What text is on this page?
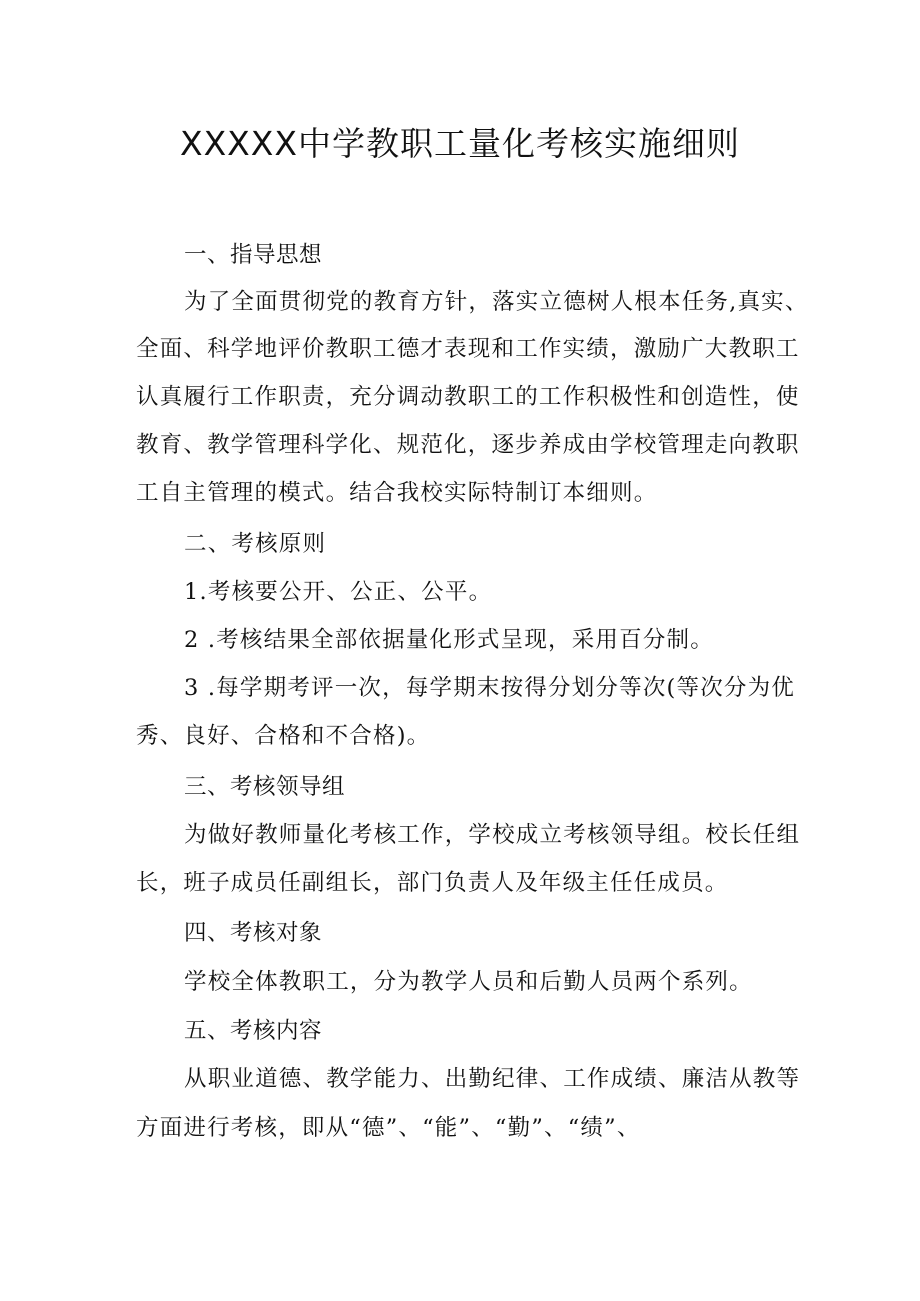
XXXXX中学教职工量化考核实施细则

一、指导思想

为了全面贯彻党的教育方针，落实立德树人根本任务,真实、

全面、科学地评价教职工德才表现和工作实绩，激励广大教职工

认真履行工作职责，充分调动教职工的工作积极性和创造性，使

教育、教学管理科学化、规范化，逐步养成由学校管理走向教职

工自主管理的模式。结合我校实际特制订本细则。

二、考核原则

1.考核要公开、公正、公平。

2 .考核结果全部依据量化形式呈现，采用百分制。

3 .每学期考评一次，每学期末按得分划分等次(等次分为优

秀、良好、合格和不合格)。

三、考核领导组

为做好教师量化考核工作，学校成立考核领导组。校长任组

长，班子成员任副组长，部门负责人及年级主任任成员。

四、考核对象

学校全体教职工，分为教学人员和后勤人员两个系列。

五、考核内容

从职业道德、教学能力、出勤纪律、工作成绩、廉洁从教等

方面进行考核，即从“德”、“能”、“勤”、“绩”、
